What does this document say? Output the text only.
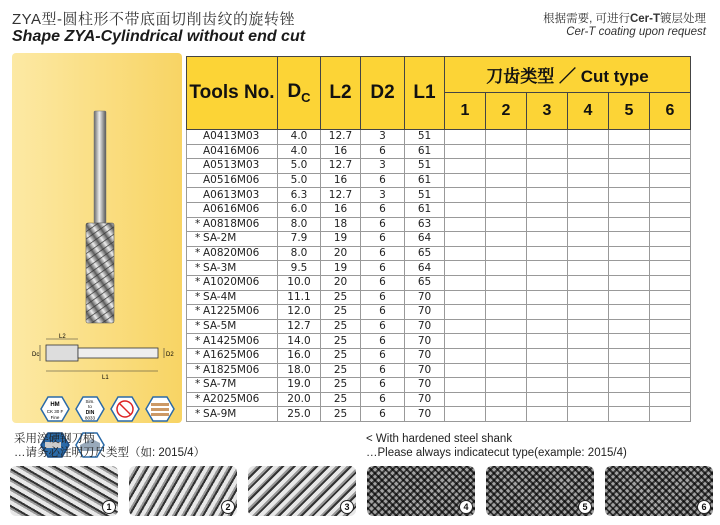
ZYA型-圆柱形不带底面切削齿纹的旋转锉
Shape ZYA-Cylindrical without end cut
根据需要, 可进行Cer-T镀层处理
Cer-T coating upon request
L2
L1
Dc	D2
HM
CK 30 F
Fine
Sim.
to
DIN
8033
Tools No.	$D_C$	L2	D2	L1	刀齿类型 ／ Cut type					
					1	2	3	4	5	6
A0413M03	4.0	12.7	3	51						
A0416M06	4.0	16	6	61						
A0513M03	5.0	12.7	3	51						
A0516M06	5.0	16	6	61						
A0613M03	6.3	12.7	3	51						
A0616M06	6.0	16	6	61						
* A0818M06	8.0	18	6	63						
* SA-2M	7.9	19	6	64						
* A0820M06	8.0	20	6	65						
* SA-3M	9.5	19	6	64						
* A1020M06	10.0	20	6	65						
* SA-4M	11.1	25	6	70						
* A1225M06	12.0	25	6	70						
* SA-5M	12.7	25	6	70						
* A1425M06	14.0	25	6	70						
* A1625M06	16.0	25	6	70						
* A1825M06	18.0	25	6	70						
* SA-7M	19.0	25	6	70						
* A2025M06	20.0	25	6	70						
* SA-9M	25.0	25	6	70						
采用淬硬钢刀柄
…请务必注明刀尺类型（如: 2015/4）
< With hardened steel shank
…Please always indicatecut type(example: 2015/4)
1	2	3	4	5	6
